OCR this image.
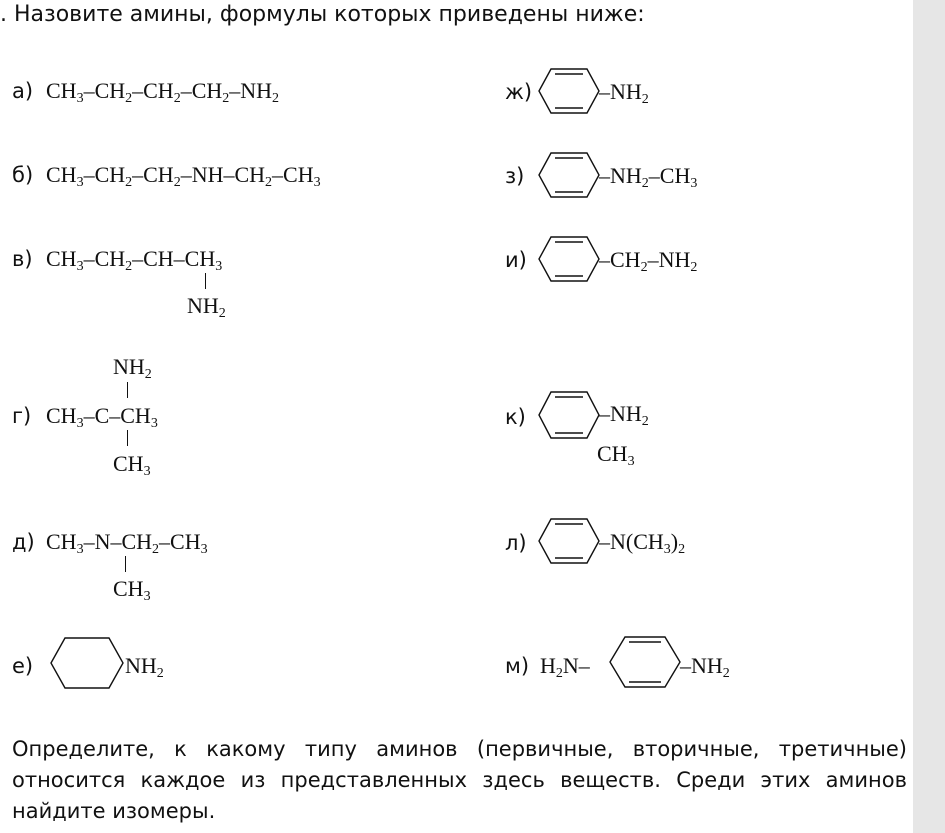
. Назовите амины, формулы которых приведены ниже:
а) $CH_3-CH_2-CH_2-CH_2-NH_2$
б) $CH_3-CH_2-CH_2-NH-CH_2-CH_3$
в) $CH_3-CH_2-CH-CH_3$
$NH_2$
$NH_2$
г) $CH_3-C-CH_3$
$CH_3$
д) $CH_3-N-CH_2-CH_3$
$CH_3$
е)	$NH_2$
ж)	$-NH_2$
з)	$-NH_2-CH_3$
и)	$-CH_2-NH_2$
к)	$-NH_2$
$CH_3$
л)	$-N(CH_3)_2$
м) $H_2N-$	$-NH_2$
Определите, к какому типу аминов (первичные, вторичные, третичные) относится каждое из представленных здесь веществ. Среди этих аминов найдите изомеры.
